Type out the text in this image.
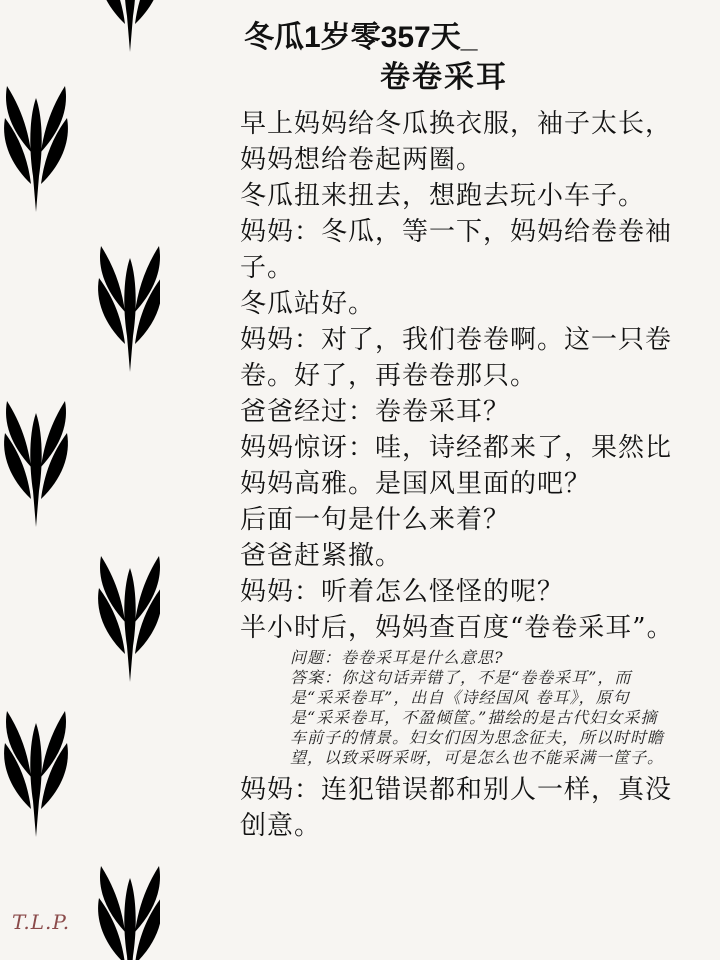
冬瓜1岁零357天_
卷卷采耳

早上妈妈给冬瓜换衣服，袖子太长，妈妈想给卷起两圈。

冬瓜扭来扭去，想跑去玩小车子。

妈妈：冬瓜，等一下，妈妈给卷卷袖子。

冬瓜站好。

妈妈：对了，我们卷卷啊。这一只卷卷。好了，再卷卷那只。

爸爸经过：卷卷采耳？

妈妈惊讶：哇，诗经都来了，果然比妈妈高雅。是国风里面的吧？

后面一句是什么来着？

爸爸赶紧撤。

妈妈：听着怎么怪怪的呢？

半小时后，妈妈查百度“卷卷采耳”。

问题：卷卷采耳是什么意思?

答案：你这句话弄错了，不是“卷卷采耳”，而是“采采卷耳”，出自《诗经国风 卷耳》，原句是“采采卷耳，不盈倾筐。”描绘的是古代妇女采摘车前子的情景。妇女们因为思念征夫，所以时时瞻望，以致采呀采呀，可是怎么也不能采满一筐子。

妈妈：连犯错误都和别人一样，真没创意。

T.L.P.
